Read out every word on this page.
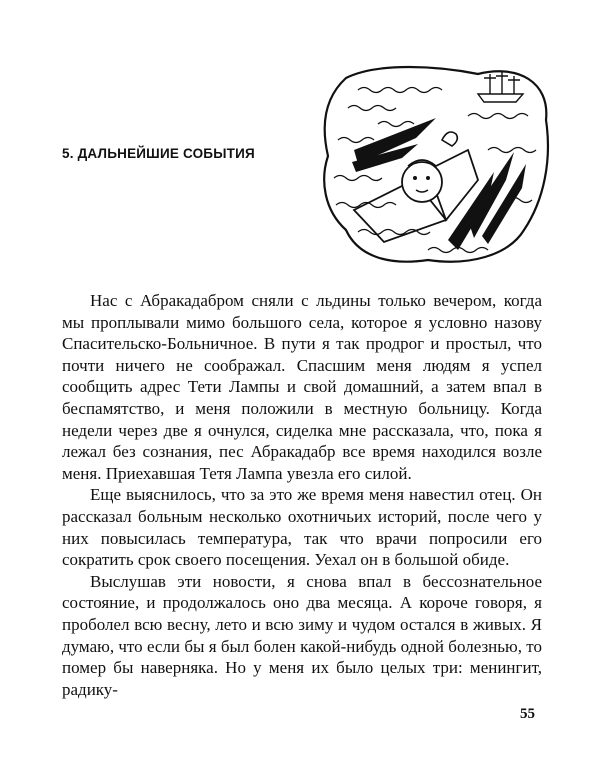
5. ДАЛЬНЕЙШИЕ СОБЫТИЯ

Нас с Абракадабром сняли с льдины только вечером, когда мы проплывали мимо большого села, которое я условно назову Спасительско-Больничное. В пути я так продрог и простыл, что почти ничего не соображал. Спасшим меня людям я успел сообщить адрес Тети Лампы и свой домашний, а затем впал в беспамятство, и меня положили в местную больницу. Когда недели через две я очнулся, сиделка мне рассказала, что, пока я лежал без сознания, пес Абракадабр все время находился возле меня. Приехавшая Тетя Лампа увезла его силой.

Еще выяснилось, что за это же время меня навестил отец. Он рассказал больным несколько охотничьих историй, после чего у них повысилась температура, так что врачи попросили его сократить срок своего посещения. Уехал он в большой обиде.

Выслушав эти новости, я снова впал в бессознательное состояние, и продолжалось оно два месяца. А короче говоря, я проболел всю весну, лето и всю зиму и чудом остался в живых. Я думаю, что если бы я был болен какой-нибудь одной болезнью, то помер бы наверняка. Но у меня их было целых три: менингит, радику-

55
